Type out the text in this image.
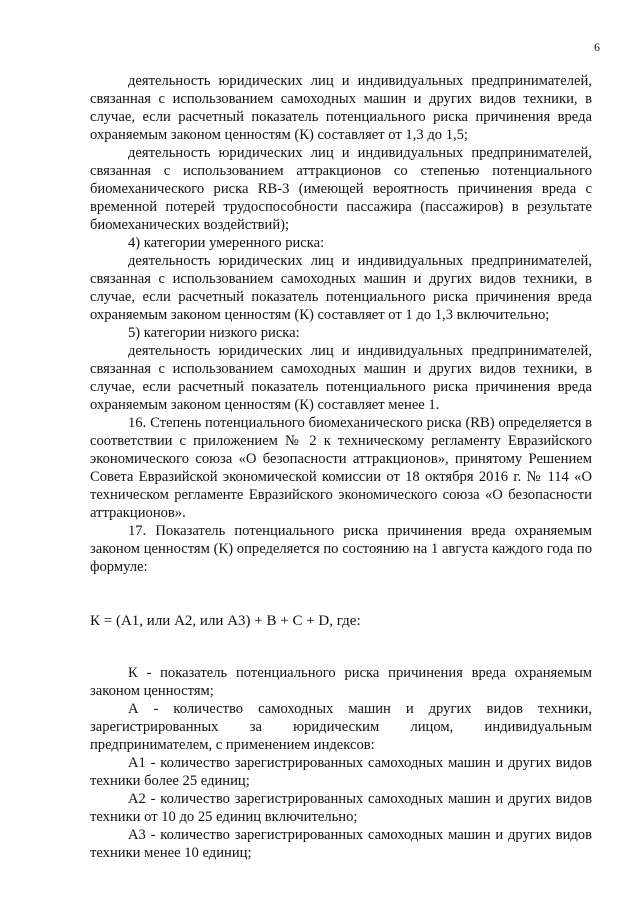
6

деятельность юридических лиц и индивидуальных предпринимателей, связанная с использованием самоходных машин и других видов техники, в случае, если расчетный показатель потенциального риска причинения вреда охраняемым законом ценностям (К) составляет от 1,3 до 1,5;

деятельность юридических лиц и индивидуальных предпринимателей, связанная с использованием аттракционов со степенью потенциального биомеханического риска RB-3 (имеющей вероятность причинения вреда с временной потерей трудоспособности пассажира (пассажиров) в результате биомеханических воздействий);

4) категории умеренного риска:

деятельность юридических лиц и индивидуальных предпринимателей, связанная с использованием самоходных машин и других видов техники, в случае, если расчетный показатель потенциального риска причинения вреда охраняемым законом ценностям (К) составляет от 1 до 1,3 включительно;

5) категории низкого риска:

деятельность юридических лиц и индивидуальных предпринимателей, связанная с использованием самоходных машин и других видов техники, в случае, если расчетный показатель потенциального риска причинения вреда охраняемым законом ценностям (К) составляет менее 1.

16. Степень потенциального биомеханического риска (RB) определяется в соответствии с приложением № 2 к техническому регламенту Евразийского экономического союза «О безопасности аттракционов», принятому Решением Совета Евразийской экономической комиссии от 18 октября 2016 г. № 114 «О техническом регламенте Евразийского экономического союза «О безопасности аттракционов».

17. Показатель потенциального риска причинения вреда охраняемым законом ценностям (К) определяется по состоянию на 1 августа каждого года по формуле:

К = (А1, или А2, или А3) + В + С + D, где:

К - показатель потенциального риска причинения вреда охраняемым законом ценностям;

А - количество самоходных машин и других видов техники, зарегистрированных за юридическим лицом, индивидуальным предпринимателем, с применением индексов:

А1 - количество зарегистрированных самоходных машин и других видов техники более 25 единиц;

А2 - количество зарегистрированных самоходных машин и других видов техники от 10 до 25 единиц включительно;

А3 - количество зарегистрированных самоходных машин и других видов техники менее 10 единиц;
